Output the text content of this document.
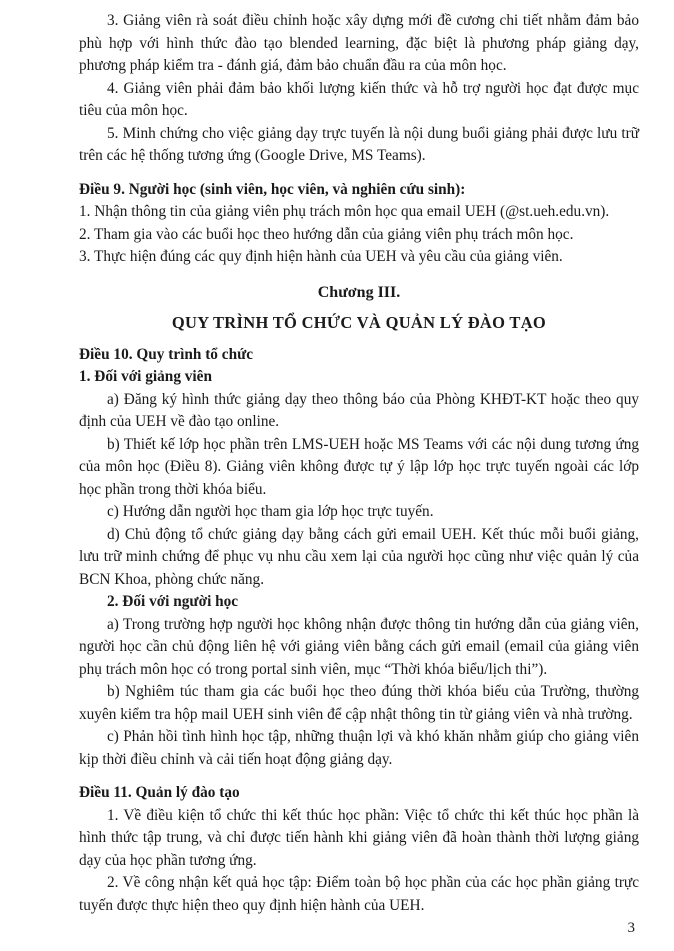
3. Giảng viên rà soát điều chỉnh hoặc xây dựng mới đề cương chi tiết nhằm đảm bảo phù hợp với hình thức đào tạo blended learning, đặc biệt là phương pháp giảng dạy, phương pháp kiểm tra - đánh giá, đảm bảo chuẩn đầu ra của môn học.

4. Giảng viên phải đảm bảo khối lượng kiến thức và hỗ trợ người học đạt được mục tiêu của môn học.

5. Minh chứng cho việc giảng dạy trực tuyến là nội dung buổi giảng phải được lưu trữ trên các hệ thống tương ứng (Google Drive, MS Teams).

Điều 9. Người học (sinh viên, học viên, và nghiên cứu sinh):

1. Nhận thông tin của giảng viên phụ trách môn học qua email UEH (@st.ueh.edu.vn).

2. Tham gia vào các buổi học theo hướng dẫn của giảng viên phụ trách môn học.

3. Thực hiện đúng các quy định hiện hành của UEH và yêu cầu của giảng viên.

Chương III.

QUY TRÌNH TỔ CHỨC VÀ QUẢN LÝ ĐÀO TẠO

Điều 10. Quy trình tổ chức

1. Đối với giảng viên

a) Đăng ký hình thức giảng dạy theo thông báo của Phòng KHĐT-KT hoặc theo quy định của UEH về đào tạo online.

b) Thiết kế lớp học phần trên LMS-UEH hoặc MS Teams với các nội dung tương ứng của môn học (Điều 8). Giảng viên không được tự ý lập lớp học trực tuyến ngoài các lớp học phần trong thời khóa biểu.

c) Hướng dẫn người học tham gia lớp học trực tuyến.

d) Chủ động tổ chức giảng dạy bằng cách gửi email UEH. Kết thúc mỗi buổi giảng, lưu trữ minh chứng để phục vụ nhu cầu xem lại của người học cũng như việc quản lý của BCN Khoa, phòng chức năng.

2. Đối với người học

a) Trong trường hợp người học không nhận được thông tin hướng dẫn của giảng viên, người học cần chủ động liên hệ với giảng viên bằng cách gửi email (email của giảng viên phụ trách môn học có trong portal sinh viên, mục “Thời khóa biểu/lịch thi”).

b) Nghiêm túc tham gia các buổi học theo đúng thời khóa biểu của Trường, thường xuyên kiểm tra hộp mail UEH sinh viên để cập nhật thông tin từ giảng viên và nhà trường.

c) Phản hồi tình hình học tập, những thuận lợi và khó khăn nhằm giúp cho giảng viên kịp thời điều chỉnh và cải tiến hoạt động giảng dạy.

Điều 11. Quản lý đào tạo

1. Về điều kiện tổ chức thi kết thúc học phần: Việc tổ chức thi kết thúc học phần là hình thức tập trung, và chỉ được tiến hành khi giảng viên đã hoàn thành thời lượng giảng dạy của học phần tương ứng.

2. Về công nhận kết quả học tập: Điểm toàn bộ học phần của các học phần giảng trực tuyến được thực hiện theo quy định hiện hành của UEH.

3
